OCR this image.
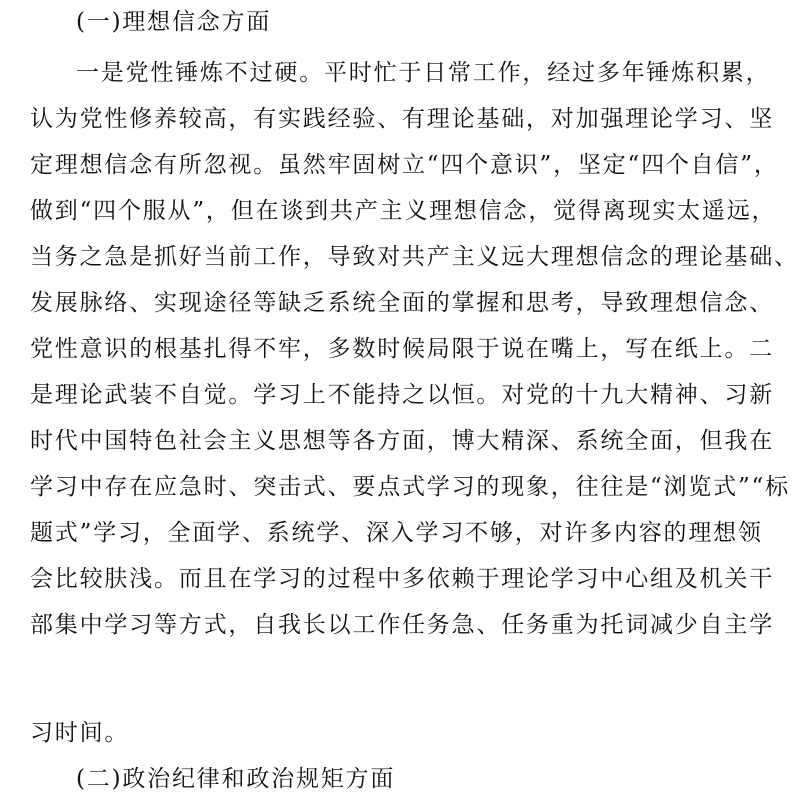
(一)理想信念方面
一是党性锤炼不过硬。平时忙于日常工作，经过多年锤炼积累，
认为党性修养较高，有实践经验、有理论基础，对加强理论学习、坚
定理想信念有所忽视。虽然牢固树立“四个意识”，坚定“四个自信”，
做到“四个服从”，但在谈到共产主义理想信念，觉得离现实太遥远，
当务之急是抓好当前工作，导致对共产主义远大理想信念的理论基础、
发展脉络、实现途径等缺乏系统全面的掌握和思考，导致理想信念、
党性意识的根基扎得不牢，多数时候局限于说在嘴上，写在纸上。二
是理论武装不自觉。学习上不能持之以恒。对党的十九大精神、习新
时代中国特色社会主义思想等各方面，博大精深、系统全面，但我在
学习中存在应急时、突击式、要点式学习的现象，往往是“浏览式”“标
题式”学习，全面学、系统学、深入学习不够，对许多内容的理想领
会比较肤浅。而且在学习的过程中多依赖于理论学习中心组及机关干
部集中学习等方式，自我长以工作任务急、任务重为托词减少自主学
习时间。
(二)政治纪律和政治规矩方面
